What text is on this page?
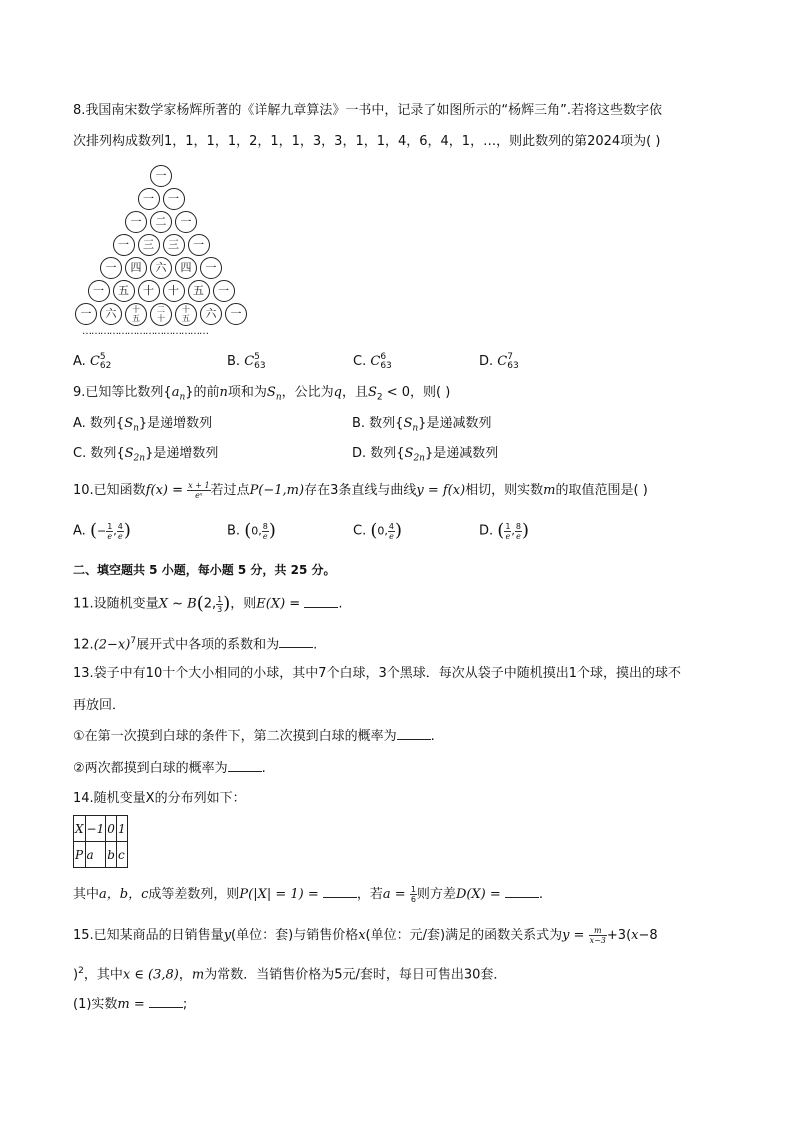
8.我国南宋数学家杨辉所著的《详解九章算法》一书中，记录了如图所示的“杨辉三角”.若将这些数字依
次排列构成数列1，1，1，1，2，1，1，3，3，1，1，4，6，4，1，…，则此数列的第2024项为( )
一
一	一
一	二	一
一	三	三	一
一	四	六	四	一
一	五	十	十	五	一
一	六	十
五
二
十
十
五	六	一
……………………………………
A. C 5
62	B. C 5
63	C. C 6
63	D. C 7
63
9.已知等比数列$\{a_n\}$的前n项和为$S_n$，公比为q，且$S_2 < 0$，则( )
A. 数列$\{S_n\}$是递增数列	B. 数列$\{S_n\}$是递减数列
C. 数列$\{S_{2n}\}$是递增数列	D. 数列$\{S_{2n}\}$是递减数列
10.已知函数$f(x) = \frac{x + 1}{\text{eˣ}}$ 若过点P(−1,m)存在3条直线与曲线y = f(x)相切，则实数m的取值范围是( )
A. (− $\frac{1}{e}$ , $\frac{4}{e}$ )	B. (0, $\frac{8}{e}$ )	C. (0, $\frac{4}{e}$ )	D. ( $\frac{1}{e}$ , $\frac{8}{e}$ )
二、填空题共 5 小题，每小题 5 分，共 25 分。
11.设随机变量X ~ B(2, $\frac{1}{3}$ )，则E(X) =	.
$12.(2-x)^7$展开式中各项的系数和为	.
13.袋子中有10十个大小相同的小球，其中7个白球，3个黑球．每次从袋子中随机摸出1个球，摸出的球不
再放回．
①在第一次摸到白球的条件下，第二次摸到白球的概率为	.
②两次都摸到白球的概率为	.
14.随机变量X的分布列如下：
X	−1	0	1
P	a	b	c
其中a，b，c成等差数列，则P(|X| = 1) =	，若$a = \frac{1}{6}$ 则方差D(X) =	.
15.已知某商品的日销售量y(单位：套)与销售价格x(单位：元/套)满足的函数关系式为$y = \frac{m}{x-3} +3(x-8$
)$^2$，其中x ∈ (3,8)，m为常数．当销售价格为5元/套时，每日可售出30套．
(1)实数m =	;
